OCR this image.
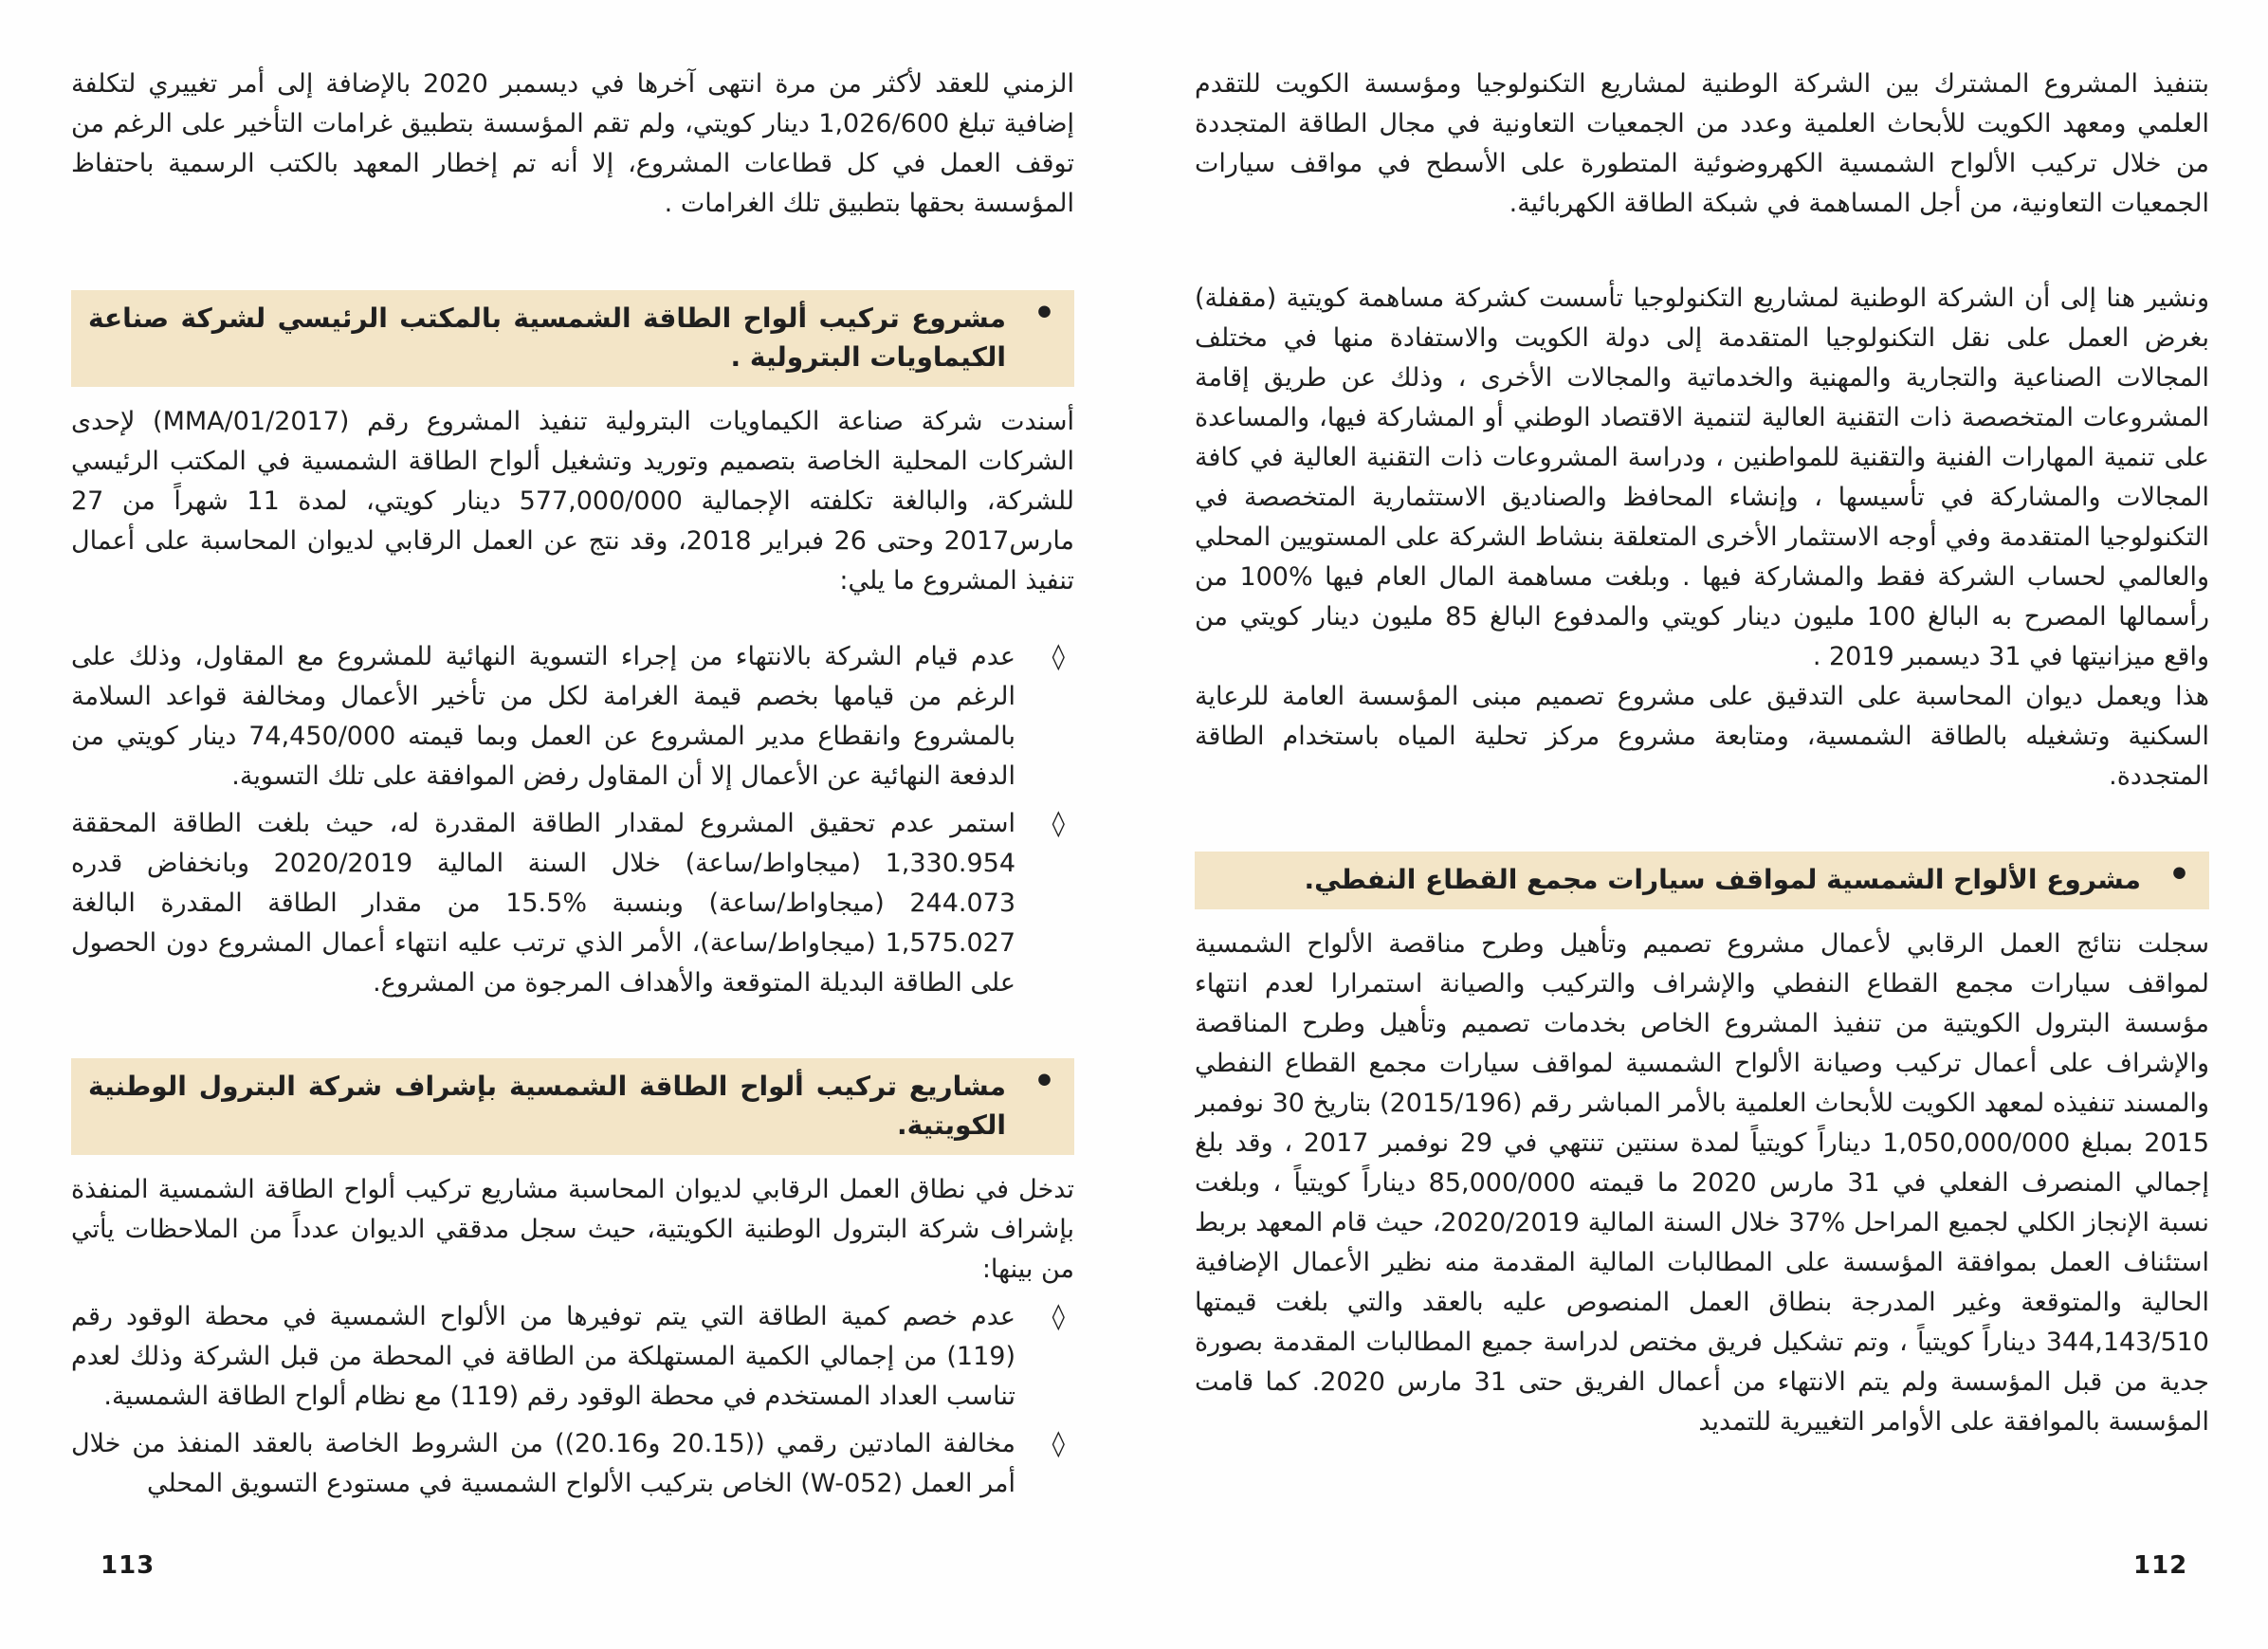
بتنفيذ المشروع المشترك بين الشركة الوطنية لمشاريع التكنولوجيا ومؤسسة الكويت للتقدم العلمي ومعهد الكويت للأبحاث العلمية وعدد من الجمعيات التعاونية في مجال الطاقة المتجددة من خلال تركيب الألواح الشمسية الكهروضوئية المتطورة على الأسطح في مواقف سيارات الجمعيات التعاونية، من أجل المساهمة في شبكة الطاقة الكهربائية.

ونشير هنا إلى أن الشركة الوطنية لمشاريع التكنولوجيا تأسست كشركة مساهمة كويتية (مقفلة) بغرض العمل على نقل التكنولوجيا المتقدمة إلى دولة الكويت والاستفادة منها في مختلف المجالات الصناعية والتجارية والمهنية والخدماتية والمجالات الأخرى ، وذلك عن طريق إقامة المشروعات المتخصصة ذات التقنية العالية لتنمية الاقتصاد الوطني أو المشاركة فيها، والمساعدة على تنمية المهارات الفنية والتقنية للمواطنين ، ودراسة المشروعات ذات التقنية العالية في كافة المجالات والمشاركة في تأسيسها ، وإنشاء المحافظ والصناديق الاستثمارية المتخصصة في التكنولوجيا المتقدمة وفي أوجه الاستثمار الأخرى المتعلقة بنشاط الشركة على المستويين المحلي والعالمي لحساب الشركة فقط والمشاركة فيها . وبلغت مساهمة المال العام فيها %100 من رأسمالها المصرح به البالغ 100 مليون دينار كويتي والمدفوع البالغ 85 مليون دينار كويتي من واقع ميزانيتها في 31 ديسمبر 2019 .

هذا ويعمل ديوان المحاسبة على التدقيق على مشروع تصميم مبنى المؤسسة العامة للرعاية السكنية وتشغيله بالطاقة الشمسية، ومتابعة مشروع مركز تحلية المياه باستخدام الطاقة المتجددة.

•
مشروع الألواح الشمسية لمواقف سيارات مجمع القطاع النفطي.

سجلت نتائج العمل الرقابي لأعمال مشروع تصميم وتأهيل وطرح مناقصة الألواح الشمسية لمواقف سيارات مجمع القطاع النفطي والإشراف والتركيب والصيانة استمرارا لعدم انتهاء مؤسسة البترول الكويتية من تنفيذ المشروع الخاص بخدمات تصميم وتأهيل وطرح المناقصة والإشراف على أعمال تركيب وصيانة الألواح الشمسية لمواقف سيارات مجمع القطاع النفطي والمسند تنفيذه لمعهد الكويت للأبحاث العلمية بالأمر المباشر رقم (2015/196) بتاريخ 30 نوفمبر 2015 بمبلغ 1,050,000/000 ديناراً كويتياً لمدة سنتين تنتهي في 29 نوفمبر 2017 ، وقد بلغ إجمالي المنصرف الفعلي في 31 مارس 2020 ما قيمته 85,000/000 ديناراً كويتياً ، وبلغت نسبة الإنجاز الكلي لجميع المراحل %37 خلال السنة المالية 2020/2019، حيث قام المعهد بربط استئناف العمل بموافقة المؤسسة على المطالبات المالية المقدمة منه نظير الأعمال الإضافية الحالية والمتوقعة وغير المدرجة بنطاق العمل المنصوص عليه بالعقد والتي بلغت قيمتها 344,143/510 ديناراً كويتياً ، وتم تشكيل فريق مختص لدراسة جميع المطالبات المقدمة بصورة جدية من قبل المؤسسة ولم يتم الانتهاء من أعمال الفريق حتى 31 مارس 2020. كما قامت المؤسسة بالموافقة على الأوامر التغييرية للتمديد

الزمني للعقد لأكثر من مرة انتهى آخرها في ديسمبر 2020 بالإضافة إلى أمر تغييري لتكلفة إضافية تبلغ 1,026/600 دينار كويتي، ولم تقم المؤسسة بتطبيق غرامات التأخير على الرغم من توقف العمل في كل قطاعات المشروع، إلا أنه تم إخطار المعهد بالكتب الرسمية باحتفاظ المؤسسة بحقها بتطبيق تلك الغرامات .

•
مشروع تركيب ألواح الطاقة الشمسية بالمكتب الرئيسي لشركة صناعة الكيماويات البترولية .

أسندت شركة صناعة الكيماويات البترولية تنفيذ المشروع رقم (MMA/01/2017) لإحدى الشركات المحلية الخاصة بتصميم وتوريد وتشغيل ألواح الطاقة الشمسية في المكتب الرئيسي للشركة، والبالغة تكلفته الإجمالية 577,000/000 دينار كويتي، لمدة 11 شهراً من 27 مارس2017 وحتى 26 فبراير 2018، وقد نتج عن العمل الرقابي لديوان المحاسبة على أعمال تنفيذ المشروع ما يلي:

◊
عدم قيام الشركة بالانتهاء من إجراء التسوية النهائية للمشروع مع المقاول، وذلك على الرغم من قيامها بخصم قيمة الغرامة لكل من تأخير الأعمال ومخالفة قواعد السلامة بالمشروع وانقطاع مدير المشروع عن العمل وبما قيمته 74,450/000 دينار كويتي من الدفعة النهائية عن الأعمال إلا أن المقاول رفض الموافقة على تلك التسوية.
◊
استمر عدم تحقيق المشروع لمقدار الطاقة المقدرة له، حيث بلغت الطاقة المحققة 1,330.954 (ميجاواط/ساعة) خلال السنة المالية 2020/2019 وبانخفاض قدره 244.073 (ميجاواط/ساعة) وبنسبة %15.5 من مقدار الطاقة المقدرة البالغة 1,575.027 (ميجاواط/ساعة)، الأمر الذي ترتب عليه انتهاء أعمال المشروع دون الحصول على الطاقة البديلة المتوقعة والأهداف المرجوة من المشروع.
•
مشاريع تركيب ألواح الطاقة الشمسية بإشراف شركة البترول الوطنية الكويتية.

تدخل في نطاق العمل الرقابي لديوان المحاسبة مشاريع تركيب ألواح الطاقة الشمسية المنفذة بإشراف شركة البترول الوطنية الكويتية، حيث سجل مدققي الديوان عدداً من الملاحظات يأتي من بينها:

◊
عدم خصم كمية الطاقة التي يتم توفيرها من الألواح الشمسية في محطة الوقود رقم (119) من إجمالي الكمية المستهلكة من الطاقة في المحطة من قبل الشركة وذلك لعدم تناسب العداد المستخدم في محطة الوقود رقم (119) مع نظام ألواح الطاقة الشمسية.
◊
مخالفة المادتين رقمي ((20.15 و20.16)) من الشروط الخاصة بالعقد المنفذ من خلال أمر العمل (W-052) الخاص بتركيب الألواح الشمسية في مستودع التسويق المحلي
113	112
